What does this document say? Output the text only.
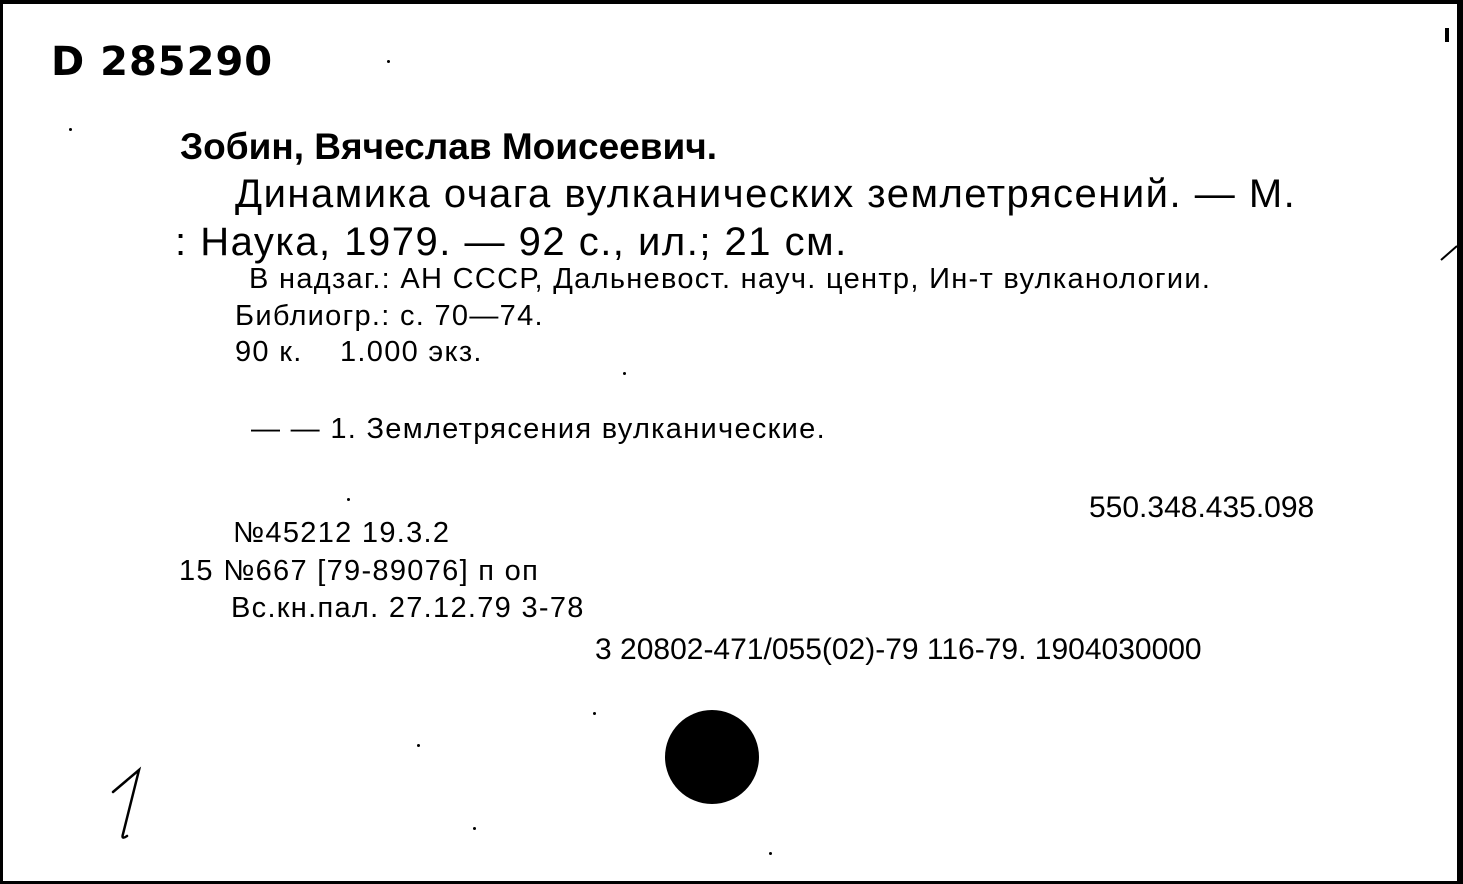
D 285290
Зобин, Вячеслав Моисеевич.
Динамика очага вулканических землетрясений. — М.
: Наука, 1979. — 92 с., ил.; 21 см.
В надзаг.: АН СССР, Дальневост. науч. центр, Ин-т вулканологии.
Библиогр.: с. 70—74.
90 к.    1.000 экз.
— — 1. Землетрясения вулканические.
550.348.435.098
№45212 19.3.2
15 №667 [79-89076] п оп
Вс.кн.пал. 27.12.79 3-78
3 20802-471/055(02)-79 116-79. 1904030000
